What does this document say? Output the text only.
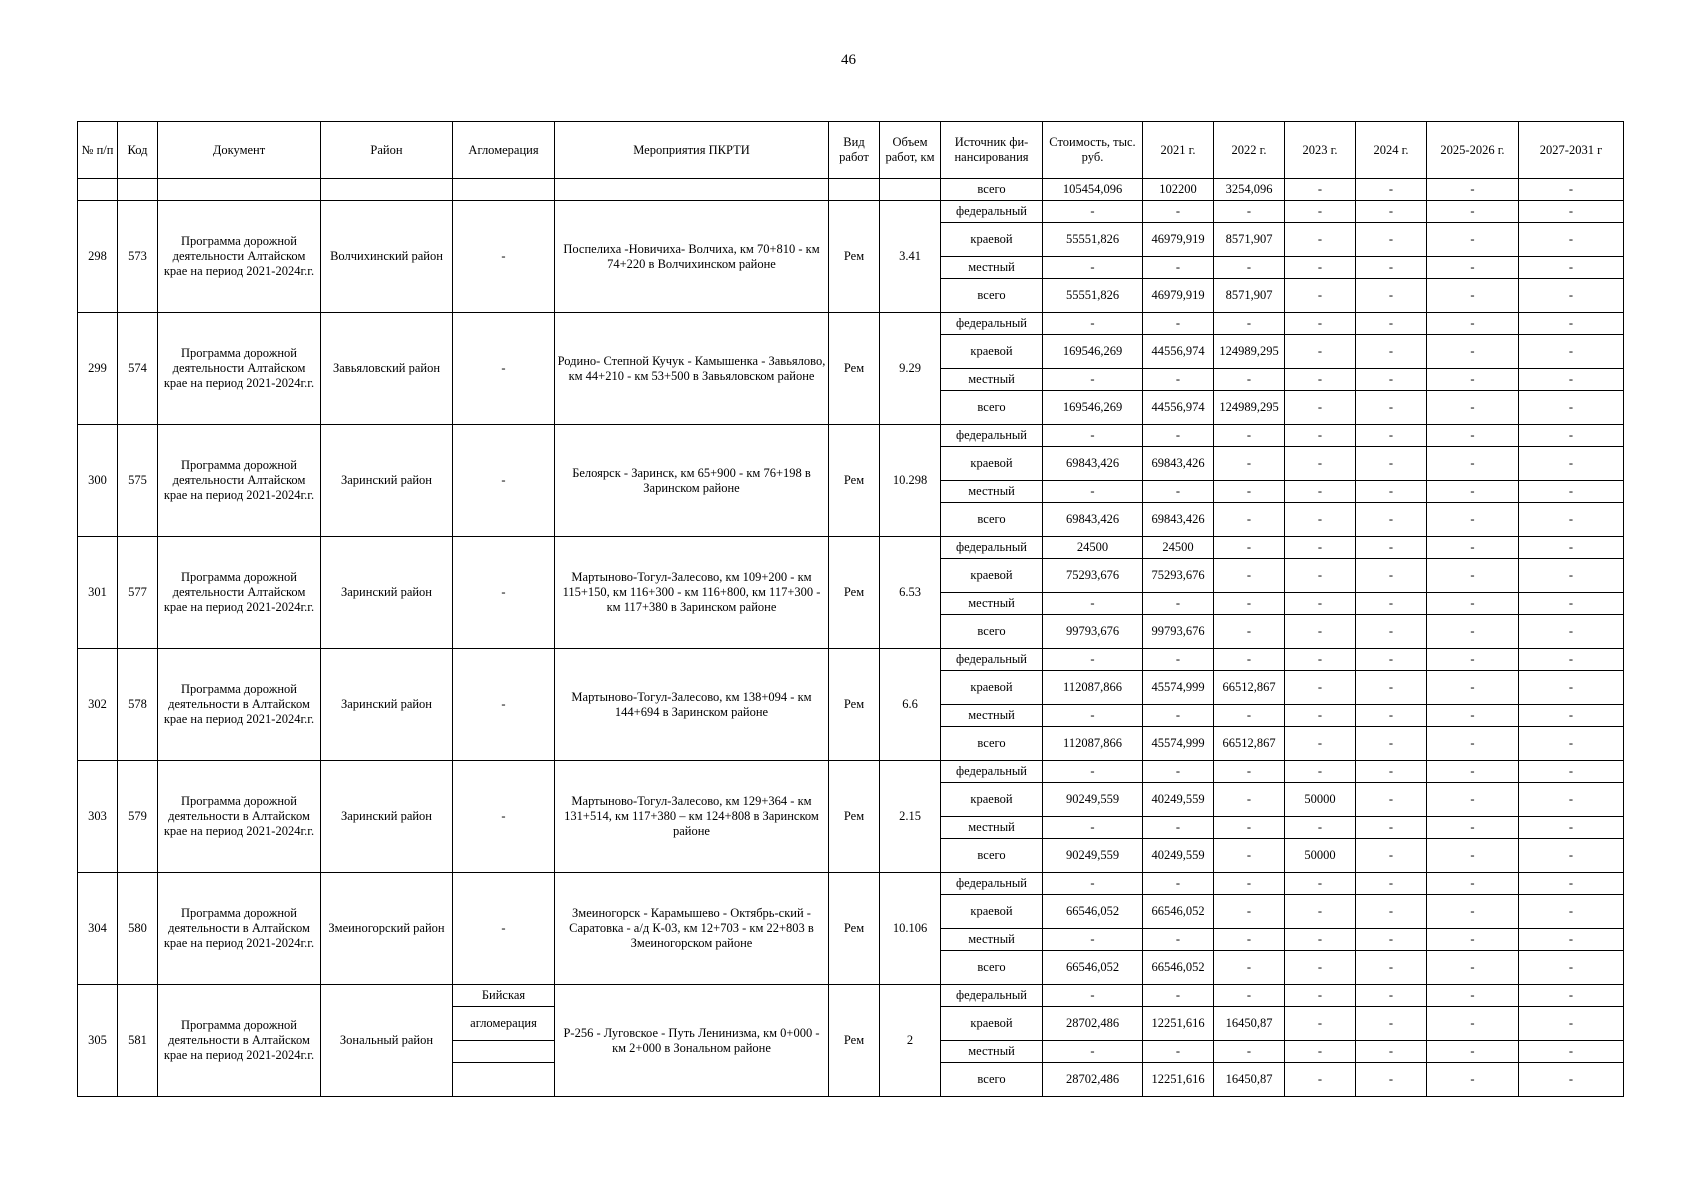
46
№ п/п	Код	Документ	Район	Агломерация	Мероприятия ПКРТИ	Вид работ	Объем работ, км	Источник фи-нансирования	Стоимость, тыс. руб.	2021 г.	2022 г.	2023 г.	2024 г.	2025-2026 г.	2027-2031 г
								всего	105454,096	102200	3254,096	-	-	-	-
298	573	Программа дорожной деятельности Алтайском крае на период 2021-2024г.г.	Волчихинский район	-	Поспелиха -Новичиха- Волчиха, км 70+810 - км 74+220 в Волчихинском районе	Рем	3.41	федеральный	-	-	-	-	-	-	-
								краевой	55551,826	46979,919	8571,907	-	-	-	-
								местный	-	-	-	-	-	-	-
								всего	55551,826	46979,919	8571,907	-	-	-	-
299	574	Программа дорожной деятельности Алтайском крае на период 2021-2024г.г.	Завьяловский район	-	Родино- Степной Кучук - Камышенка - Завьялово, км 44+210 - км 53+500 в Завьяловском районе	Рем	9.29	федеральный	-	-	-	-	-	-	-
								краевой	169546,269	44556,974	124989,295	-	-	-	-
								местный	-	-	-	-	-	-	-
								всего	169546,269	44556,974	124989,295	-	-	-	-
300	575	Программа дорожной деятельности Алтайском крае на период 2021-2024г.г.	Заринский район	-	Белоярск - Заринск, км 65+900 - км 76+198 в Заринском районе	Рем	10.298	федеральный	-	-	-	-	-	-	-
								краевой	69843,426	69843,426	-	-	-	-	-
								местный	-	-	-	-	-	-	-
								всего	69843,426	69843,426	-	-	-	-	-
301	577	Программа дорожной деятельности Алтайском крае на период 2021-2024г.г.	Заринский район	-	Мартыново-Тогул-Залесово, км 109+200 - км 115+150, км 116+300 - км 116+800, км 117+300 - км 117+380 в Заринском районе	Рем	6.53	федеральный	24500	24500	-	-	-	-	-
								краевой	75293,676	75293,676	-	-	-	-	-
								местный	-	-	-	-	-	-	-
								всего	99793,676	99793,676	-	-	-	-	-
302	578	Программа дорожной деятельности в Алтайском крае на период 2021-2024г.г.	Заринский район	-	Мартыново-Тогул-Залесово, км 138+094 - км 144+694 в Заринском районе	Рем	6.6	федеральный	-	-	-	-	-	-	-
								краевой	112087,866	45574,999	66512,867	-	-	-	-
								местный	-	-	-	-	-	-	-
								всего	112087,866	45574,999	66512,867	-	-	-	-
303	579	Программа дорожной деятельности в Алтайском крае на период 2021-2024г.г.	Заринский район	-	Мартыново-Тогул-Залесово, км 129+364 - км 131+514, км 117+380 – км 124+808 в Заринском районе	Рем	2.15	федеральный	-	-	-	-	-	-	-
								краевой	90249,559	40249,559	-	50000	-	-	-
								местный	-	-	-	-	-	-	-
								всего	90249,559	40249,559	-	50000	-	-	-
304	580	Программа дорожной деятельности в Алтайском крае на период 2021-2024г.г.	Змеиногорский район	-	Змеиногорск - Карамышево - Октябрь-ский - Саратовка - а/д К-03, км 12+703 - км 22+803 в Змеиногорском районе	Рем	10.106	федеральный	-	-	-	-	-	-	-
								краевой	66546,052	66546,052	-	-	-	-	-
								местный	-	-	-	-	-	-	-
								всего	66546,052	66546,052	-	-	-	-	-
305	581	Программа дорожной деятельности в Алтайском крае на период 2021-2024г.г.	Зональный район	Бийская	Р-256 - Луговское - Путь Ленинизма, км 0+000 - км 2+000 в Зональном районе	Рем	2	федеральный	-	-	-	-	-	-	-
				агломерация				краевой	28702,486	12251,616	16450,87	-	-	-	-
								местный	-	-	-	-	-	-	-
								всего	28702,486	12251,616	16450,87	-	-	-	-
